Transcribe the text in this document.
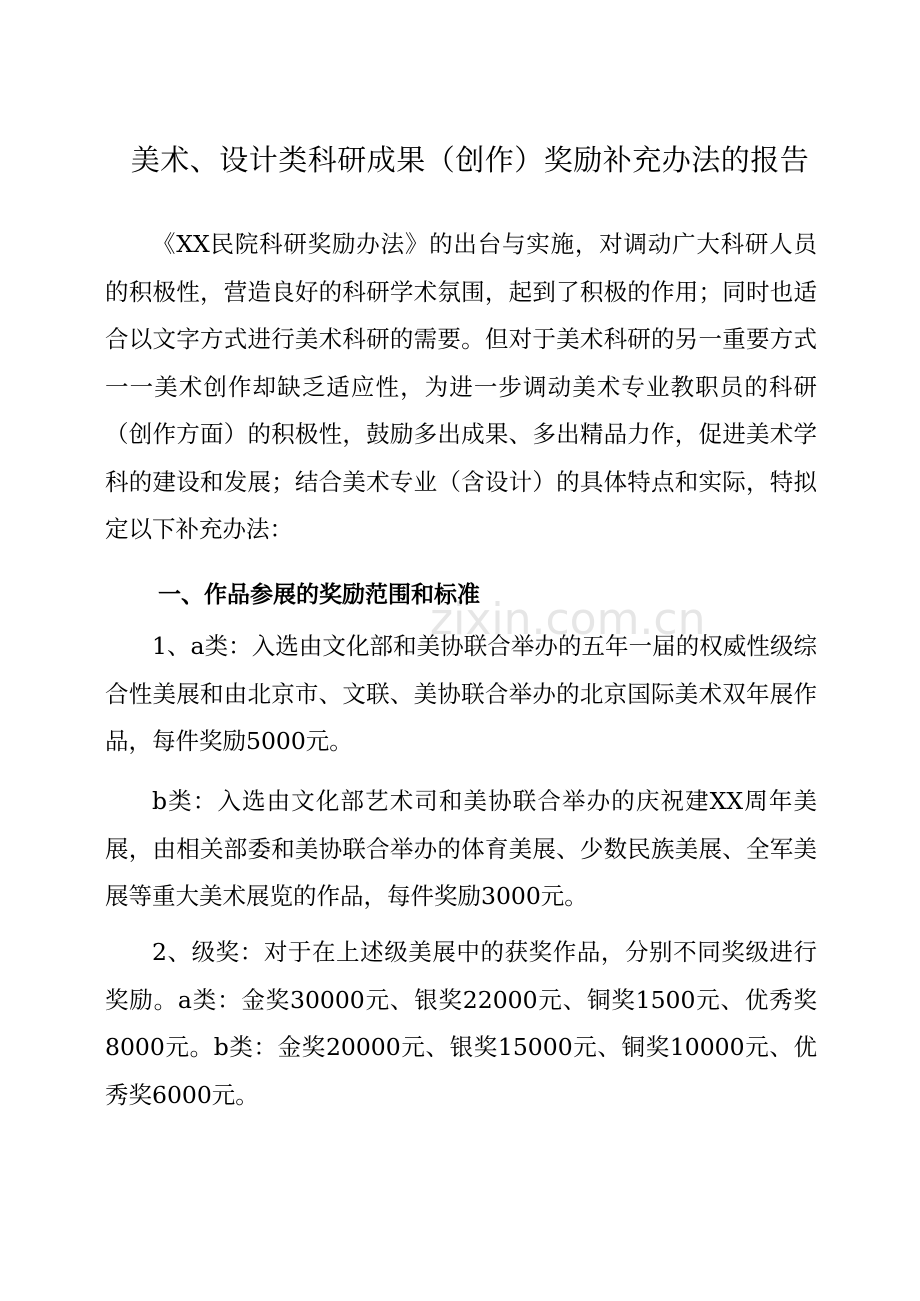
美术、设计类科研成果（创作）奖励补充办法的报告

《XX民院科研奖励办法》的出台与实施，对调动广大科研人员的积极性，营造良好的科研学术氛围，起到了积极的作用；同时也适合以文字方式进行美术科研的需要。但对于美术科研的另一重要方式一一美术创作却缺乏适应性，为进一步调动美术专业教职员的科研（创作方面）的积极性，鼓励多出成果、多出精品力作，促进美术学科的建设和发展；结合美术专业（含设计）的具体特点和实际，特拟定以下补充办法：

zixin.com.cn
一、作品参展的奖励范围和标准

1、a类：入选由文化部和美协联合举办的五年一届的权威性级综合性美展和由北京市、文联、美协联合举办的北京国际美术双年展作品，每件奖励5000元。

b类：入选由文化部艺术司和美协联合举办的庆祝建XX周年美展，由相关部委和美协联合举办的体育美展、少数民族美展、全军美展等重大美术展览的作品，每件奖励3000元。

2、级奖：对于在上述级美展中的获奖作品，分别不同奖级进行奖励。a类：金奖30000元、银奖22000元、铜奖1500元、优秀奖8000元。b类：金奖20000元、银奖15000元、铜奖10000元、优秀奖6000元。
